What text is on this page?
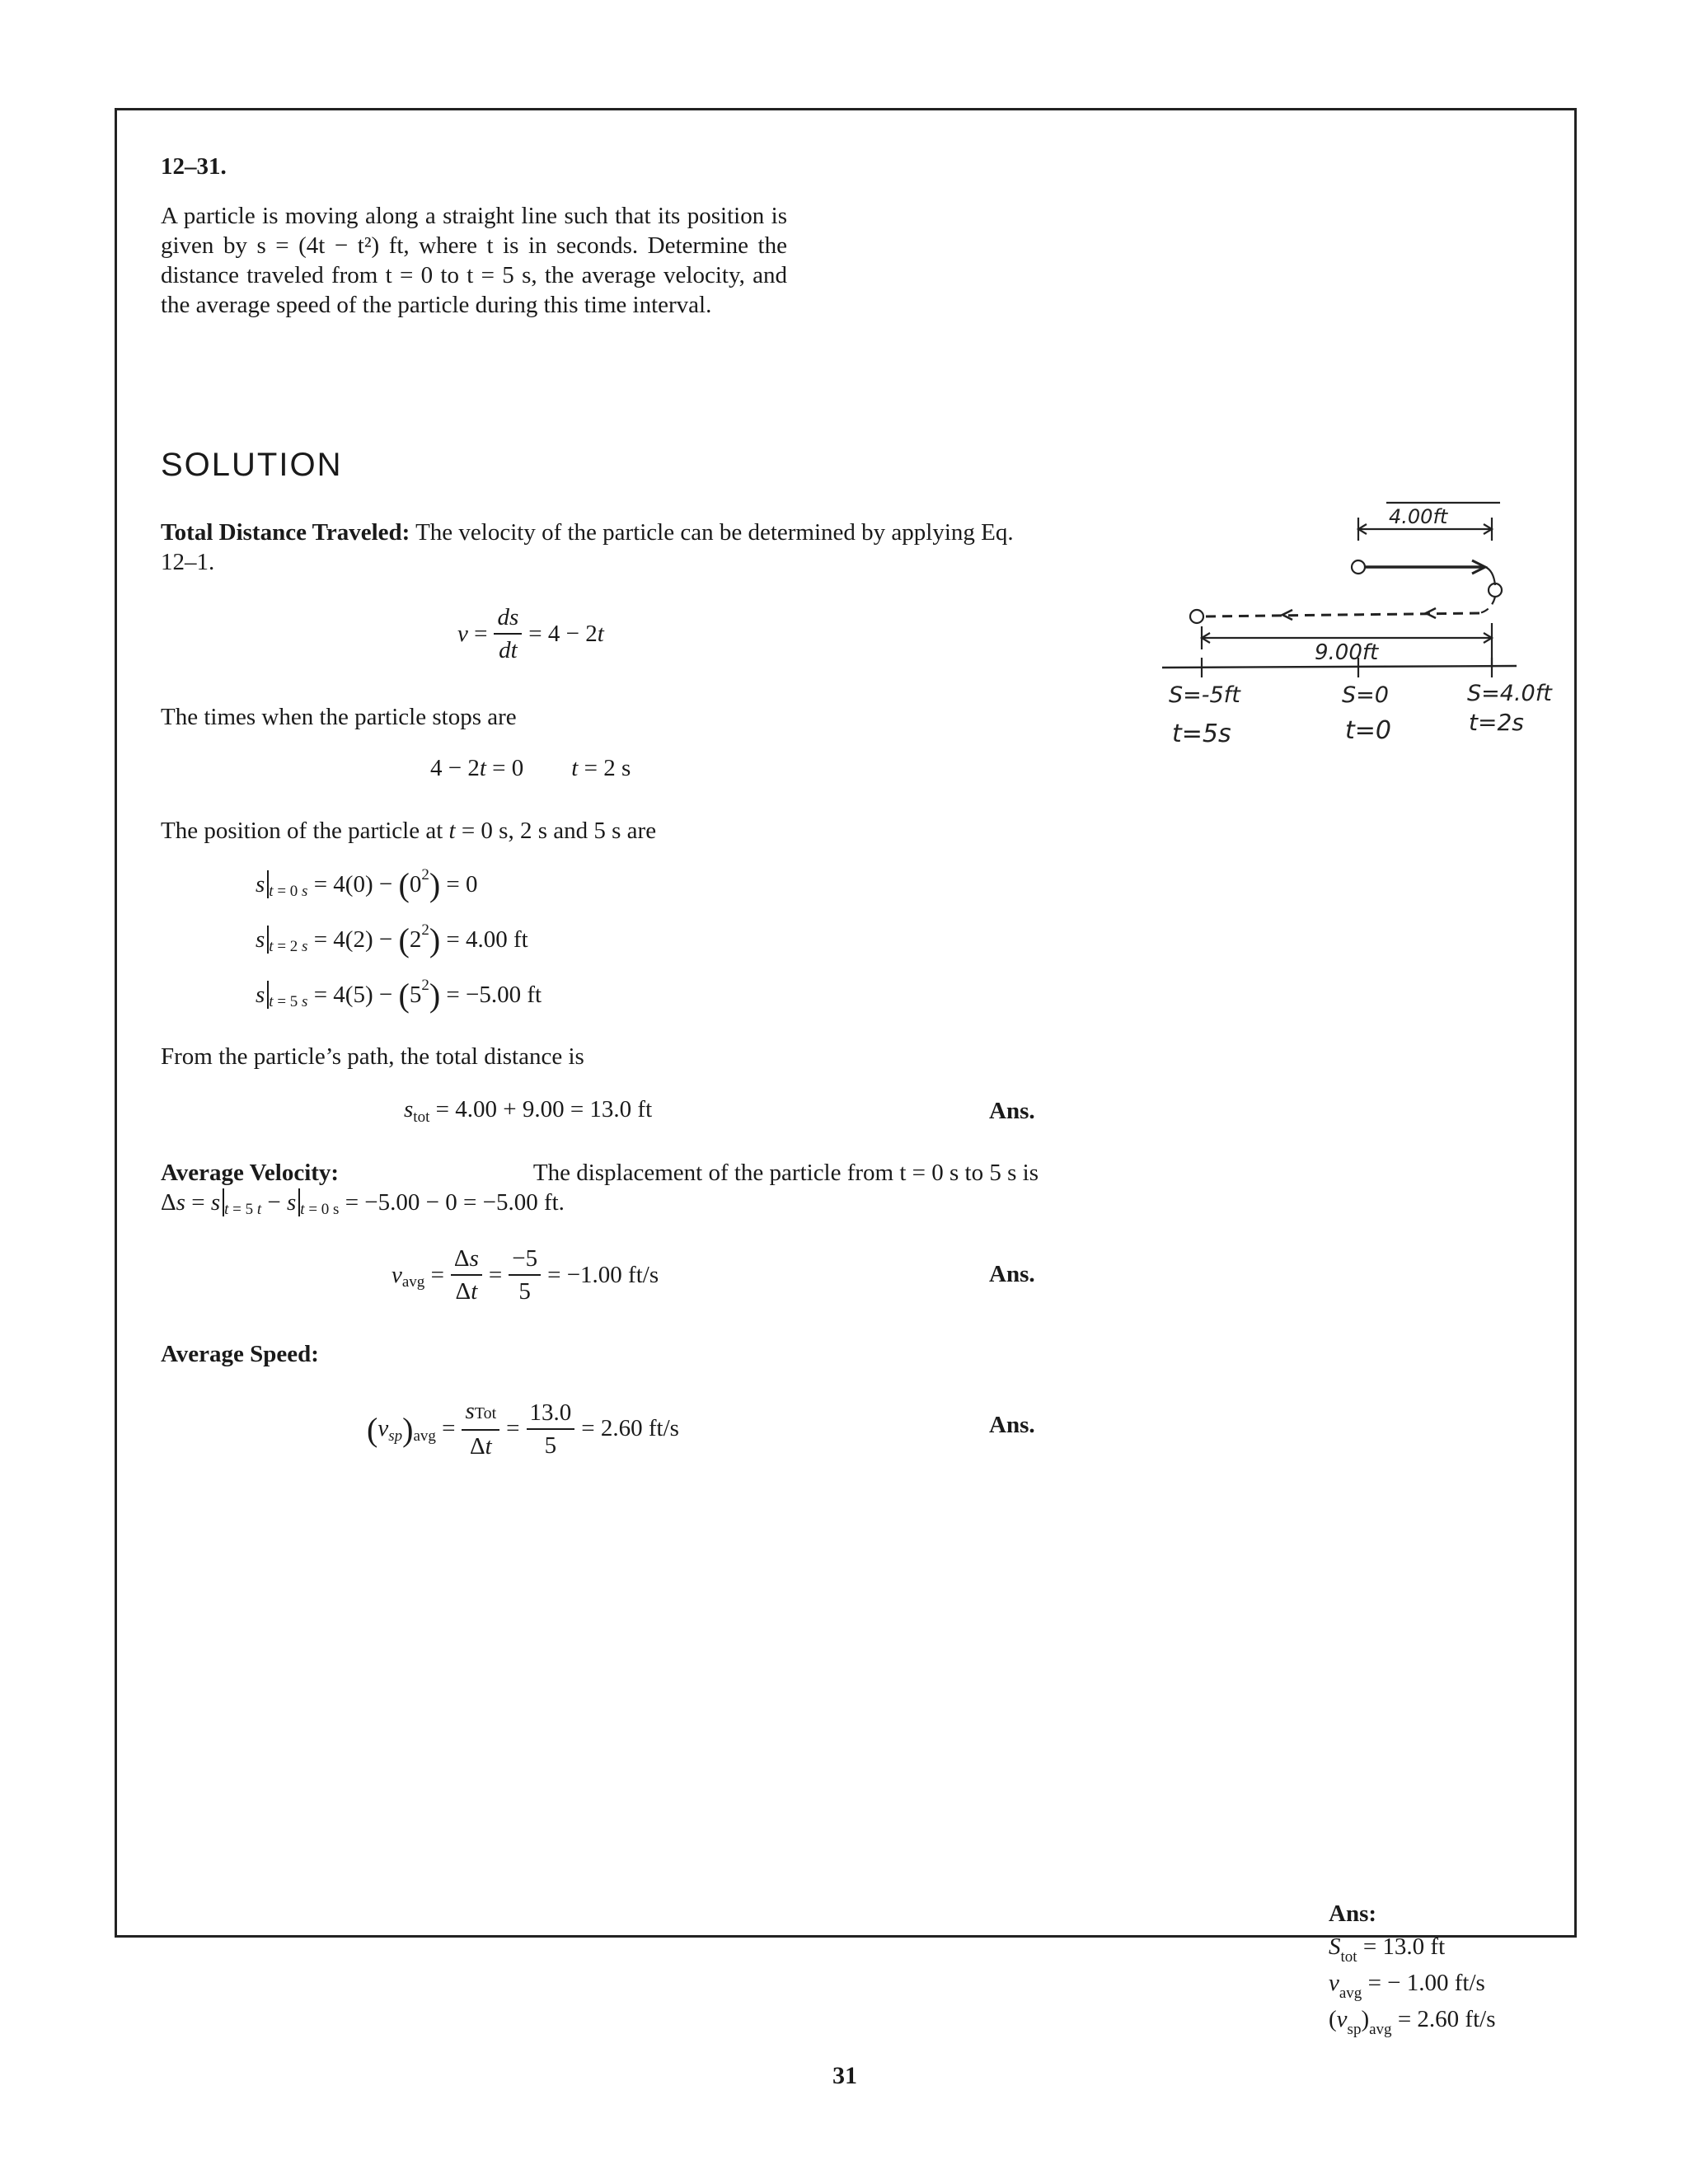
12–31.
A particle is moving along a straight line such that its position is given by s = (4t − t²) ft, where t is in seconds. Determine the distance traveled from t = 0 to t = 5 s, the average velocity, and the average speed of the particle during this time interval.
SOLUTION
Total Distance Traveled: The velocity of the particle can be determined by applying Eq. 12–1.
$v = \frac{ds}{dt} = 4 - 2$ t
The times when the particle stops are
4 − 2 t = 0 t = 2 s
The position of the particle at t = 0 s, 2 s and 5 s are
s t = 0 s = 4(0) − ( 0 2 ) = 0
s t = 2 s = 4(2) − ( 2 2 ) = 4.00 ft
s t = 5 s = 4(5) − ( 5 2 ) = −5.00 ft
From the particle’s path, the total distance is
s tot
= 4.00 + 9.00 = 13.0 ft	Ans.
Average Velocity:	The displacement of the particle from t = 0 s to 5 s is
Δ s = s t = 5 t − s t = 0 s
= −5.00 − 0 = −5.00 ft.
v avg = $\frac{\Delta s}{\Delta t} = \frac{-5}{5} = -1.00$ ft/s	Ans.
Average Speed:
( v sp ) avg = $\frac{\text{sTot}}{\Delta t} = \frac{13.0}{5} = 2.60$ ft/s	Ans.
4.00ft
9.00ft
S=-5ft	S=0	S=4.0ft
t=5s	t=0	t=2s
Ans:
$S_{tot} = 13.0$ ft
$v_{avg}$ = − 1.00 ft/s
$(v_{sp})_{avg} = 2.60$ ft/s
31
